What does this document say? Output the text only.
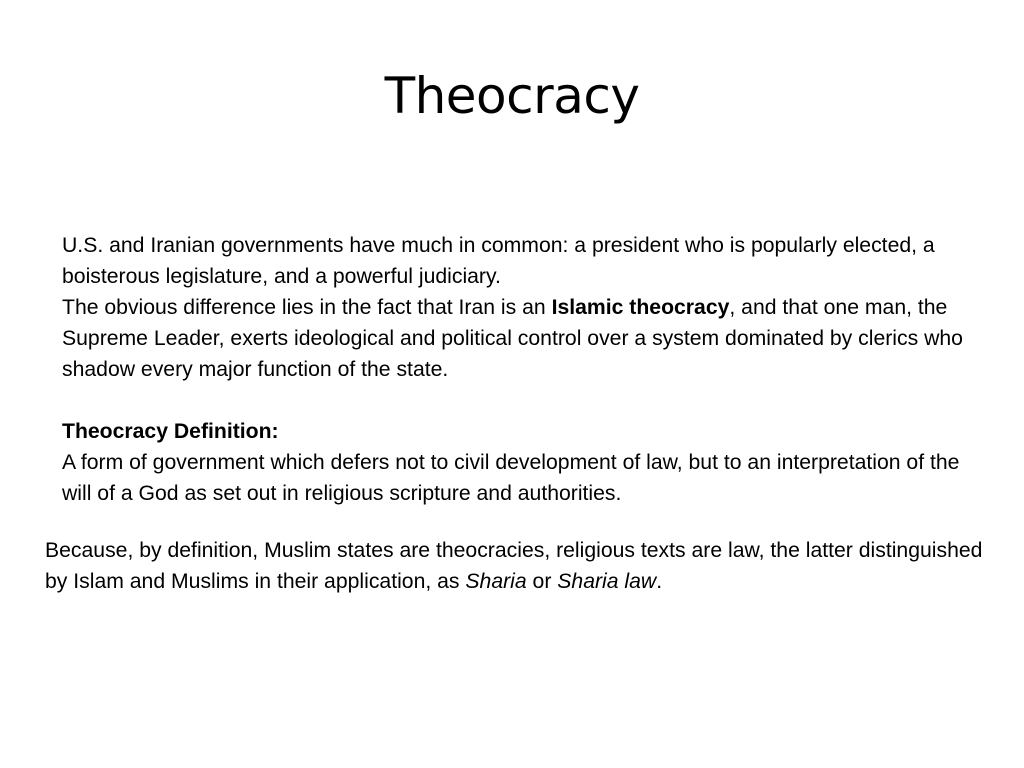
Theocracy

U.S. and Iranian governments have much in common: a president who is popularly elected, a boisterous legislature, and a powerful judiciary.

The obvious difference lies in the fact that Iran is an Islamic theocracy, and that one man, the Supreme Leader, exerts ideological and political control over a system dominated by clerics who shadow every major function of the state.

Theocracy Definition:

A form of government which defers not to civil development of law, but to an interpretation of the will of a God as set out in religious scripture and authorities.

Because, by definition, Muslim states are theocracies, religious texts are law, the latter distinguished by Islam and Muslims in their application, as Sharia or Sharia law.
